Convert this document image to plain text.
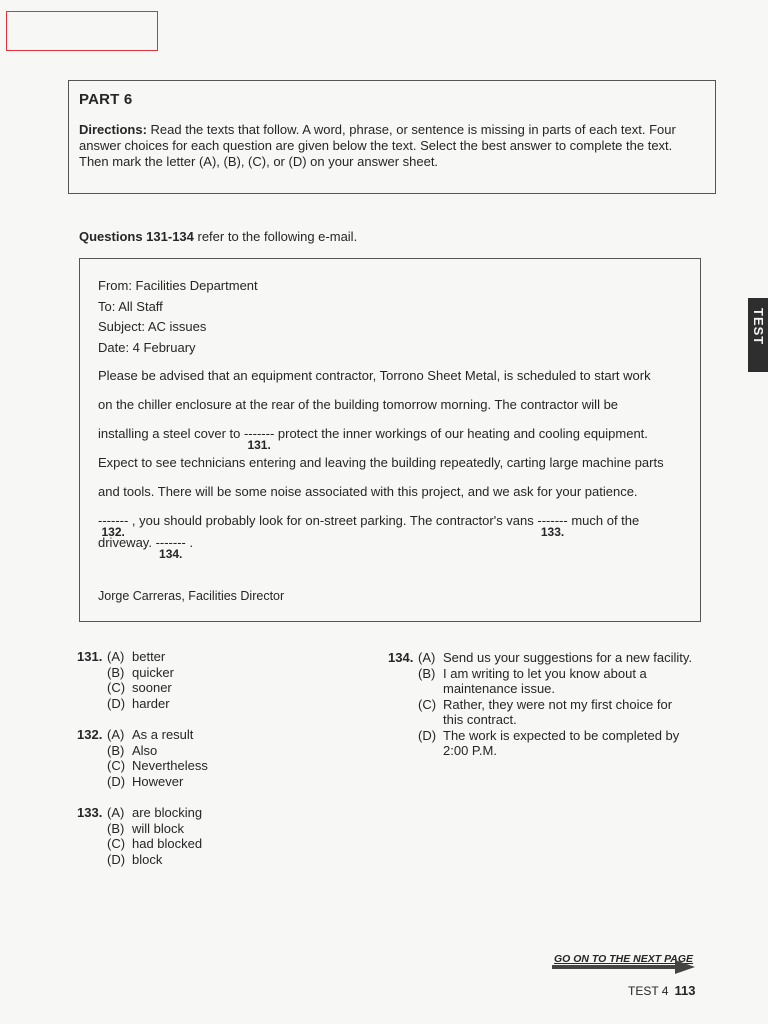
TEST

PART 6

Directions: Read the texts that follow. A word, phrase, or sentence is missing in parts of each text. Four answer choices for each question are given below the text. Select the best answer to complete the text. Then mark the letter (A), (B), (C), or (D) on your answer sheet.

Questions 131-134 refer to the following e-mail.
From: Facilities Department
To: All Staff
Subject: AC issues
Date: 4 February
Please be advised that an equipment contractor, Torrono Sheet Metal, is scheduled to start work
on the chiller enclosure at the rear of the building tomorrow morning. The contractor will be
installing a steel cover to -------
131.
protect the inner workings of our heating and cooling equipment.
Expect to see technicians entering and leaving the building repeatedly, carting large machine parts
and tools. There will be some noise associated with this project, and we ask for your patience.
-------
132.
, you should probably look for on-street parking. The contractor's vans -------
133.
much of the
driveway. -------
134.
.
Jorge Carreras, Facilities Director
131. (A) better
(B) quicker
(C) sooner
(D) harder
132. (A) As a result
(B) Also
(C) Nevertheless
(D) However
133. (A) are blocking
(B) will block
(C) had blocked
(D) block
134. (A) Send us your suggestions for a new facility.
(B) I am writing to let you know about a maintenance issue.
(C) Rather, they were not my first choice for this contract.
(D) The work is expected to be completed by 2:00 P.M.
GO ON TO THE NEXT PAGE
TEST 4 113
